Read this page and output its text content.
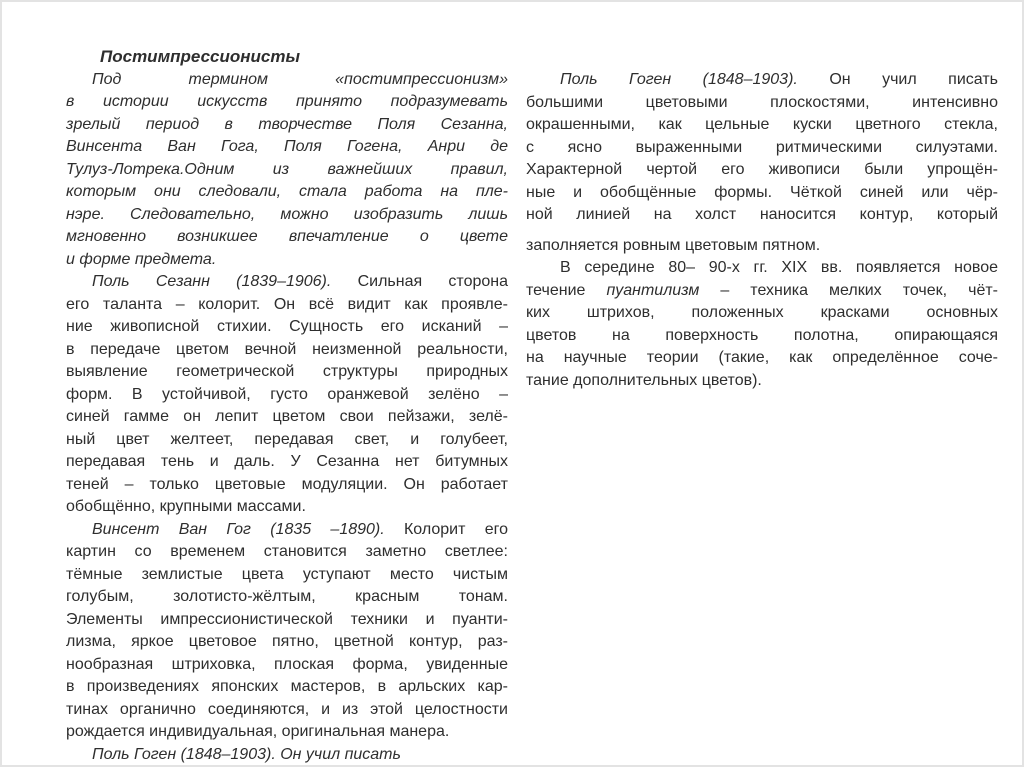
Постимпрессионисты
Под термином «постимпрессионизм»
в истории искусств принято подразумевать
зрелый период в творчестве Поля Сезанна,
Винсента Ван Гога, Поля Гогена, Анри де
Тулуз-Лотрека.Одним из важнейших правил,
которым они следовали, стала работа на пле-
нэре. Следовательно, можно изобразить лишь
мгновенно возникшее впечатление о цвете
и форме предмета.
Поль Сезанн (1839–1906). Сильная сторона
его таланта – колорит. Он всё видит как проявле-
ние живописной стихии. Сущность его исканий –
в передаче цветом вечной неизменной реальности,
выявление геометрической структуры природных
форм. В устойчивой, густо оранжевой зелёно –
синей гамме он лепит цветом свои пейзажи, зелё-
ный цвет желтеет, передавая свет, и голубеет,
передавая тень и даль. У Сезанна нет битумных
теней – только цветовые модуляции. Он работает
обобщённо, крупными массами.
Винсент Ван Гог (1835 –1890). Колорит его
картин со временем становится заметно светлее:
тёмные землистые цвета уступают место чистым
голубым, золотисто-жёлтым, красным тонам.
Элементы импрессионистической техники и пуанти-
лизма, яркое цветовое пятно, цветной контур, раз-
нообразная штриховка, плоская форма, увиденные
в произведениях японских мастеров, в арльских кар-
тинах органично соединяются, и из этой целостности
рождается индивидуальная, оригинальная манера.
Поль Гоген (1848–1903). Он учил писать
Поль Гоген (1848–1903). Он учил писать
большими цветовыми плоскостями, интенсивно
окрашенными, как цельные куски цветного стекла,
с ясно выраженными ритмическими силуэтами.
Характерной чертой его живописи были упрощён-
ные и обобщённые формы. Чёткой синей или чёр-
ной линией на холст наносится контур, который
заполняется ровным цветовым пятном.
В середине 80– 90-х гг. XIX вв. появляется новое
течение пуантилизм – техника мелких точек, чёт-
ких штрихов, положенных красками основных
цветов на поверхность полотна, опирающаяся
на научные теории (такие, как определённое соче-
тание дополнительных цветов).
